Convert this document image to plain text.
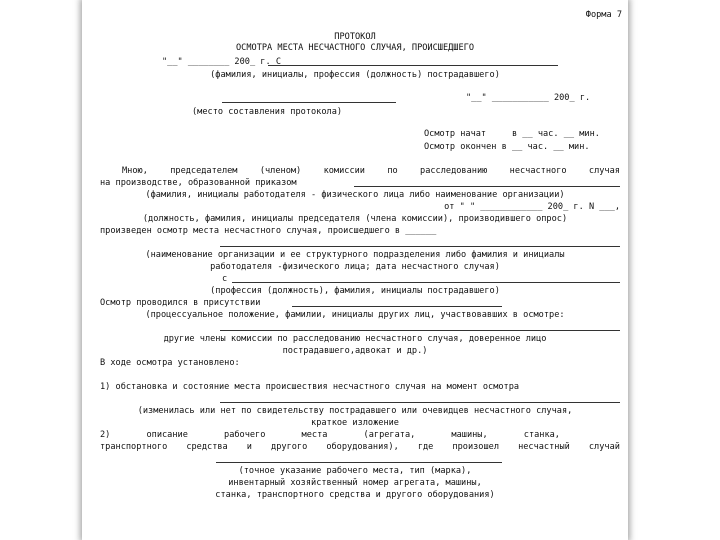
Форма 7
ПРОТОКОЛ
ОСМОТРА МЕСТА НЕСЧАСТНОГО СЛУЧАЯ, ПРОИСШЕДШЕГО
"__" ________ 200_ г. С
(фамилия, инициалы, профессия (должность) пострадавшего)
"__" ___________ 200_ г.
(место составления протокола)
Осмотр начат     в __ час. __ мин.
Осмотр окончен в __ час. __ мин.
Мною,	председателем	(членом)	комиссии	по	расследованию	несчастного	случая
на производстве, образованной приказом
(фамилия, инициалы работодателя - физического лица либо наименование организации)
от " " ____________ 200_ г. N ___,
(должность, фамилия, инициалы председателя (члена комиссии), производившего опрос)
произведен осмотр места несчастного случая, происшедшего в ______
(наименование организации и ее структурного подразделения либо фамилия и инициалы
работодателя -физического лица; дата несчастного случая)
с
(профессия (должность), фамилия, инициалы пострадавшего)
Осмотр проводился в присутствии
(процессуальное положение, фамилии, инициалы других лиц, участвовавших в осмотре:
другие члены комиссии по расследованию несчастного случая, доверенное лицо
пострадавшего,адвокат и др.)
В ходе осмотра установлено:
1) обстановка и состояние места происшествия несчастного случая на момент осмотра
(изменилась или нет по свидетельству пострадавшего или очевидцев несчастного случая,
краткое изложение
2)	описание	рабочего	места	(агрегата,	машины,	станка,
транспортного средства и другого оборудования), где произошел несчастный случай
(точное указание рабочего места, тип (марка),
инвентарный хозяйственный номер агрегата, машины,
станка, транспортного средства и другого оборудования)
